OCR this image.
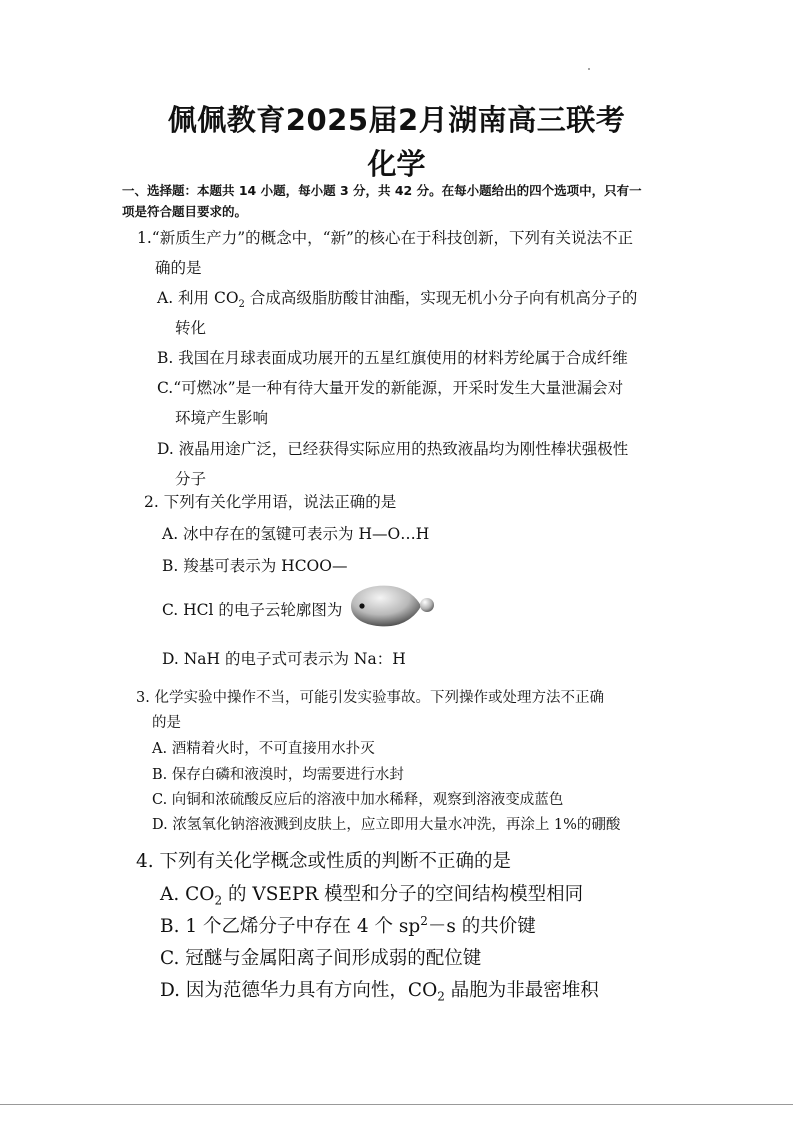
佩佩教育2025届2月湖南高三联考
化学
一、选择题：本题共 14 小题，每小题 3 分，共 42 分。在每小题给出的四个选项中，只有一
项是符合题目要求的。
1.“新质生产力”的概念中，“新”的核心在于科技创新，下列有关说法不正
确的是
A. 利用 $CO_2$ 合成高级脂肪酸甘油酯，实现无机小分子向有机高分子的
转化
B. 我国在月球表面成功展开的五星红旗使用的材料芳纶属于合成纤维
C.“可燃冰”是一种有待大量开发的新能源，开采时发生大量泄漏会对
环境产生影响
D. 液晶用途广泛，已经获得实际应用的热致液晶均为刚性棒状强极性
分子
2. 下列有关化学用语，说法正确的是
A. 冰中存在的氢键可表示为 H—O…H
B. 羧基可表示为 HCOO—
C. HCl 的电子云轮廓图为
D. NaH 的电子式可表示为 Na：H
3. 化学实验中操作不当，可能引发实验事故。下列操作或处理方法不正确
的是
A. 酒精着火时，不可直接用水扑灭
B. 保存白磷和液溴时，均需要进行水封
C. 向铜和浓硫酸反应后的溶液中加水稀释，观察到溶液变成蓝色
D. 浓氢氧化钠溶液溅到皮肤上，应立即用大量水冲洗，再涂上 1%的硼酸
4. 下列有关化学概念或性质的判断不正确的是
A. $CO_2$ 的 VSEPR 模型和分子的空间结构模型相同
B. 1 个乙烯分子中存在 4 个 $sp^2-s$ 的共价键
C. 冠醚与金属阳离子间形成弱的配位键
D. 因为范德华力具有方向性，$CO_2$ 晶胞为非最密堆积
